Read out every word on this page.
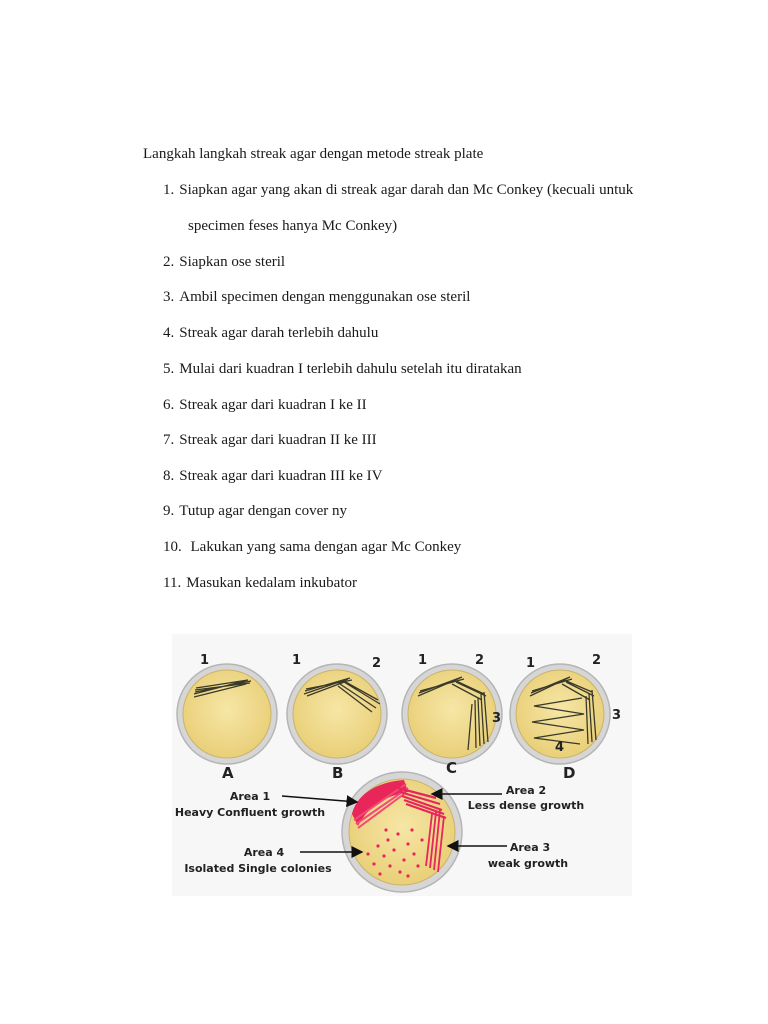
Langkah langkah streak agar dengan metode streak plate
1. Siapkan agar yang akan di streak agar darah dan Mc Conkey (kecuali untuk
specimen feses hanya Mc Conkey)
2. Siapkan ose steril
3. Ambil specimen dengan menggunakan ose steril
4. Streak agar darah terlebih dahulu
5. Mulai dari kuadran I terlebih dahulu setelah itu diratakan
6. Streak agar dari kuadran I ke II
7. Streak agar dari kuadran II ke III
8. Streak agar dari kuadran III ke IV
9. Tutup agar dengan cover ny
10. Lakukan yang sama dengan agar Mc Conkey
11. Masukan kedalam inkubator
1
A
1	2
B
1	2
3
C
1	2
3
4
D
Area 1
Heavy Confluent growth
Area 2
Less dense growth
Area 4
Isolated Single colonies
Area 3
weak growth
